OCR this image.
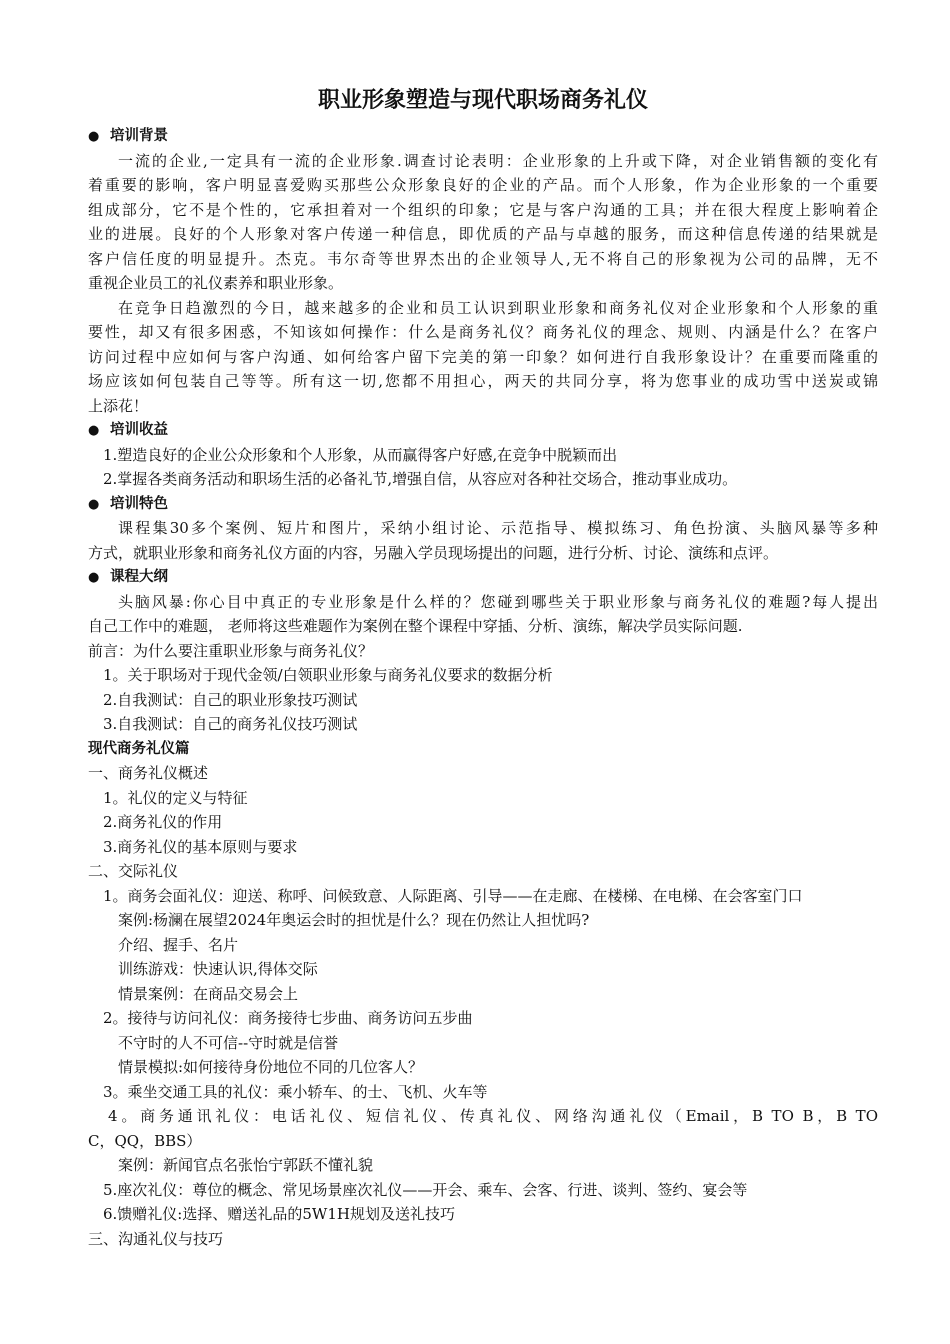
职业形象塑造与现代职场商务礼仪
● 培训背景
一流的企业,一定具有一流的企业形象.调查讨论表明：企业形象的上升或下降，对企业销售额的变化有
着重要的影响，客户明显喜爱购买那些公众形象良好的企业的产品。而个人形象，作为企业形象的一个重要
组成部分，它不是个性的，它承担着对一个组织的印象；它是与客户沟通的工具；并在很大程度上影响着企
业的进展。良好的个人形象对客户传递一种信息，即优质的产品与卓越的服务，而这种信息传递的结果就是
客户信任度的明显提升。杰克。韦尔奇等世界杰出的企业领导人,无不将自己的形象视为公司的品牌，无不
重视企业员工的礼仪素养和职业形象。
在竞争日趋激烈的今日，越来越多的企业和员工认识到职业形象和商务礼仪对企业形象和个人形象的重
要性，却又有很多困惑，不知该如何操作：什么是商务礼仪？商务礼仪的理念、规则、内涵是什么？在客户
访问过程中应如何与客户沟通、如何给客户留下完美的第一印象？如何进行自我形象设计？在重要而隆重的
场应该如何包装自己等等。所有这一切,您都不用担心，两天的共同分享，将为您事业的成功雪中送炭或锦
上添花！
● 培训收益
1.塑造良好的企业公众形象和个人形象，从而赢得客户好感,在竞争中脱颖而出
2.掌握各类商务活动和职场生活的必备礼节,增强自信，从容应对各种社交场合，推动事业成功。
● 培训特色
课程集30多个案例、短片和图片，采纳小组讨论、示范指导、模拟练习、角色扮演、头脑风暴等多种
方式，就职业形象和商务礼仪方面的内容，另融入学员现场提出的问题，进行分析、讨论、演练和点评。
● 课程大纲
头脑风暴:你心目中真正的专业形象是什么样的？您碰到哪些关于职业形象与商务礼仪的难题?每人提出
自己工作中的难题， 老师将这些难题作为案例在整个课程中穿插、分析、演练，解决学员实际问题.
前言：为什么要注重职业形象与商务礼仪？
1。关于职场对于现代金领/白领职业形象与商务礼仪要求的数据分析
2.自我测试：自己的职业形象技巧测试
3.自我测试：自己的商务礼仪技巧测试
现代商务礼仪篇
一、商务礼仪概述
1。礼仪的定义与特征
2.商务礼仪的作用
3.商务礼仪的基本原则与要求
二、交际礼仪
1。商务会面礼仪：迎送、称呼、问候致意、人际距离、引导——在走廊、在楼梯、在电梯、在会客室门口
案例:杨澜在展望2024年奥运会时的担忧是什么？现在仍然让人担忧吗?
介绍、握手、名片
训练游戏：快速认识,得体交际
情景案例：在商品交易会上
2。接待与访问礼仪：商务接待七步曲、商务访问五步曲
不守时的人不可信--守时就是信誉
情景模拟:如何接待身份地位不同的几位客人？
3。乘坐交通工具的礼仪：乘小轿车、的士、飞机、火车等
4。商务通讯礼仪：电话礼仪、短信礼仪、传真礼仪、网络沟通礼仪（Email，B TO B，B TO
C，QQ，BBS）
案例：新闻官点名张怡宁郭跃不懂礼貌
5.座次礼仪：尊位的概念、常见场景座次礼仪——开会、乘车、会客、行进、谈判、签约、宴会等
6.馈赠礼仪:选择、赠送礼品的5W1H规划及送礼技巧
三、沟通礼仪与技巧
